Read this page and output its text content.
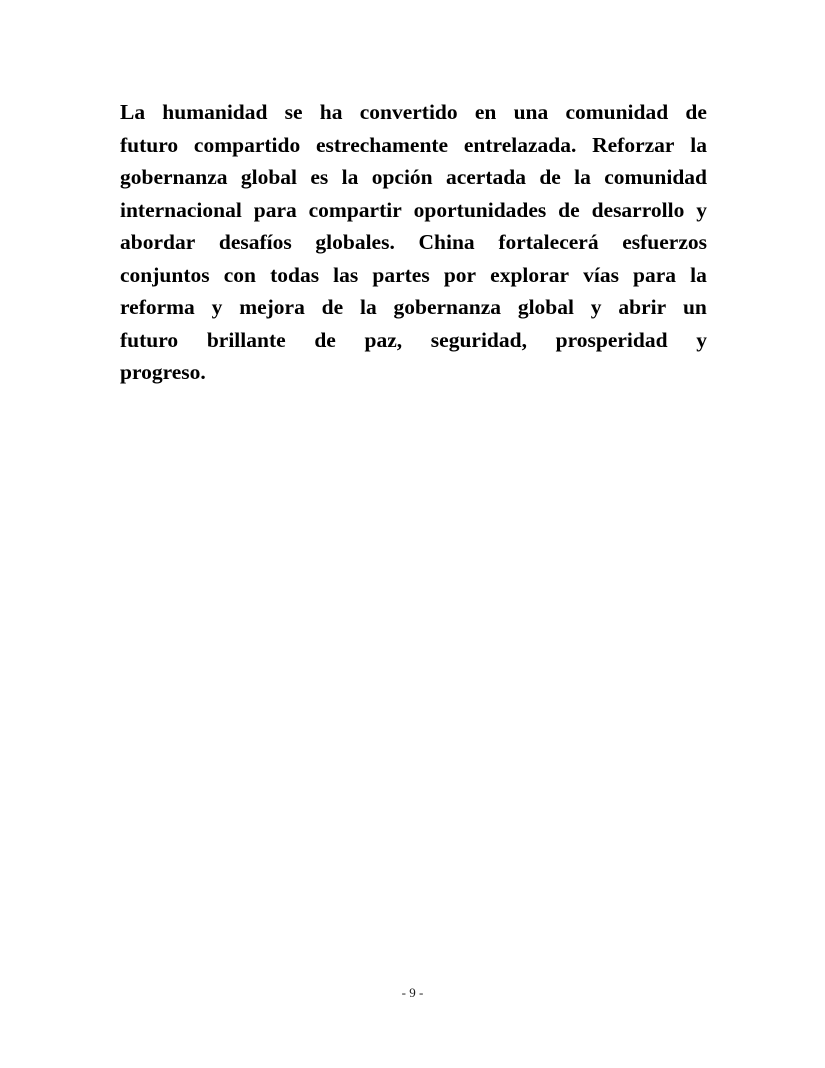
La humanidad se ha convertido en una comunidad de
futuro compartido estrechamente entrelazada. Reforzar la
gobernanza global es la opción acertada de la comunidad
internacional para compartir oportunidades de desarrollo y
abordar desafíos globales. China fortalecerá esfuerzos
conjuntos con todas las partes por explorar vías para la
reforma y mejora de la gobernanza global y abrir un
futuro brillante de paz, seguridad, prosperidad y
progreso.
- 9 -
